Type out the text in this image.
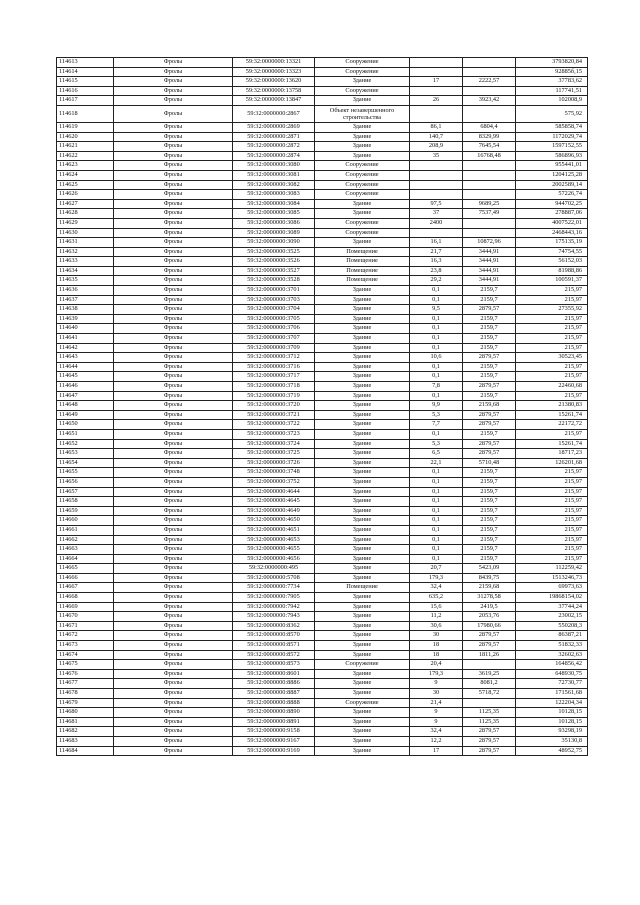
114613	Фролы	59:32:0000000:13321	Сооружение			3793820,84
114614	Фролы	59:32:0000000:13323	Сооружение			92885б,15
114615	Фролы	59:32:0000000:13620	Здание	17	2222,57	37783,62
114616	Фролы	59:32:0000000:13758	Сооружение			117741,51
114617	Фролы	59:32:0000000:13847	Здание	26	3923,42	102008,9
114618	Фролы	59:32:0000000:2867	Объект незавершенного строительства			575,92
114619	Фролы	59:32:0000000:2869	Здание	86,1	6804,4	585858,74
114620	Фролы	59:32:0000000:2871	Здание	140,7	8329,99	1172029,74
114621	Фролы	59:32:0000000:2872	Здание	208,9	7645,54	1597152,55
114622	Фролы	59:32:0000000:2874	Здание	35	16768,48	586896,93
114623	Фролы	59:32:0000000:3080	Сооружение			955441,01
114624	Фролы	59:32:0000000:3081	Сооружение			1204125,28
114625	Фролы	59:32:0000000:3082	Сооружение			2002589,14
114626	Фролы	59:32:0000000:3083	Сооружение			57226,74
114627	Фролы	59:32:0000000:3084	Здание	97,5	9689,25	944702,25
114628	Фролы	59:32:0000000:3085	Здание	37	7537,49	278887,06
114629	Фролы	59:32:0000000:3086	Сооружение	2400		4007522,01
114630	Фролы	59:32:0000000:3089	Сооружение			2468443,16
114631	Фролы	59:32:0000000:3090	Здание	16,1	10872,96	175135,19
114632	Фролы	59:32:0000000:3525	Помещение	21,7	3444,91	74754,55
114633	Фролы	59:32:0000000:3526	Помещение	16,3	3444,91	56152,03
114634	Фролы	59:32:0000000:3527	Помещение	23,8	3444,91	81988,86
114635	Фролы	59:32:0000000:3528	Помещение	29,2	3444,91	100591,37
114636	Фролы	59:32:0000000:3701	Здание	0,1	2159,7	215,97
114637	Фролы	59:32:0000000:3703	Здание	0,1	2159,7	215,97
114638	Фролы	59:32:0000000:3704	Здание	9,5	2879,57	27355,92
114639	Фролы	59:32:0000000:3705	Здание	0,1	2159,7	215,97
114640	Фролы	59:32:0000000:3706	Здание	0,1	2159,7	215,97
114641	Фролы	59:32:0000000:3707	Здание	0,1	2159,7	215,97
114642	Фролы	59:32:0000000:3709	Здание	0,1	2159,7	215,97
114643	Фролы	59:32:0000000:3712	Здание	10,6	2879,57	30523,45
114644	Фролы	59:32:0000000:3716	Здание	0,1	2159,7	215,97
114645	Фролы	59:32:0000000:3717	Здание	0,1	2159,7	215,97
114646	Фролы	59:32:0000000:3718	Здание	7,8	2879,57	22460,68
114647	Фролы	59:32:0000000:3719	Здание	0,1	2159,7	215,97
114648	Фролы	59:32:0000000:3720	Здание	9,9	2159,68	21380,83
114649	Фролы	59:32:0000000:3721	Здание	5,3	2879,57	15261,74
114650	Фролы	59:32:0000000:3722	Здание	7,7	2879,57	22172,72
114651	Фролы	59:32:0000000:3723	Здание	0,1	2159,7	215,97
114652	Фролы	59:32:0000000:3724	Здание	5,3	2879,57	15261,74
114653	Фролы	59:32:0000000:3725	Здание	6,5	2879,57	18717,23
114654	Фролы	59:32:0000000:3726	Здание	22,1	5710,48	126201,68
114655	Фролы	59:32:0000000:3748	Здание	0,1	2159,7	215,97
114656	Фролы	59:32:0000000:3752	Здание	0,1	2159,7	215,97
114657	Фролы	59:32:0000000:4644	Здание	0,1	2159,7	215,97
114658	Фролы	59:32:0000000:4645	Здание	0,1	2159,7	215,97
114659	Фролы	59:32:0000000:4649	Здание	0,1	2159,7	215,97
114660	Фролы	59:32:0000000:4650	Здание	0,1	2159,7	215,97
114661	Фролы	59:32:0000000:4651	Здание	0,1	2159,7	215,97
114662	Фролы	59:32:0000000:4653	Здание	0,1	2159,7	215,97
114663	Фролы	59:32:0000000:4655	Здание	0,1	2159,7	215,97
114664	Фролы	59:32:0000000:4656	Здание	0,1	2159,7	215,97
114665	Фролы	59:32:0000000:495	Здание	20,7	5423,09	112259,42
114666	Фролы	59:32:0000000:5708	Здание	179,3	8439,75	1513246,73
114667	Фролы	59:32:0000000:7734	Помещение	32,4	2159,68	69973,63
114668	Фролы	59:32:0000000:7905	Здание	635,2	31278,58	19868154,02
114669	Фролы	59:32:0000000:7942	Здание	15,6	2419,5	37744,24
114670	Фролы	59:32:0000000:7943	Здание	11,2	2053,76	23002,15
114671	Фролы	59:32:0000000:8362	Здание	30,6	17980,66	550208,3
114672	Фролы	59:32:0000000:8570	Здание	30	2879,57	86387,21
114673	Фролы	59:32:0000000:8571	Здание	18	2879,57	51832,33
114674	Фролы	59:32:0000000:8572	Здание	18	1811,26	32602,63
114675	Фролы	59:32:0000000:8573	Сооружение	20,4		164856,42
114676	Фролы	59:32:0000000:8601	Здание	179,3	3619,25	648930,75
114677	Фролы	59:32:0000000:8886	Здание	9	8081,2	72730,77
114678	Фролы	59:32:0000000:8887	Здание	30	5718,72	171561,68
114679	Фролы	59:32:0000000:8888	Сооружение	21,4		122204,34
114680	Фролы	59:32:0000000:8890	Здание	9	1125,35	10128,15
114681	Фролы	59:32:0000000:8891	Здание	9	1125,35	10128,15
114682	Фролы	59:32:0000000:9158	Здание	32,4	2879,57	93298,19
114683	Фролы	59:32:0000000:9167	Здание	12,2	2879,57	35130,8
114684	Фролы	59:32:0000000:9169	Здание	17	2879,57	48952,75
